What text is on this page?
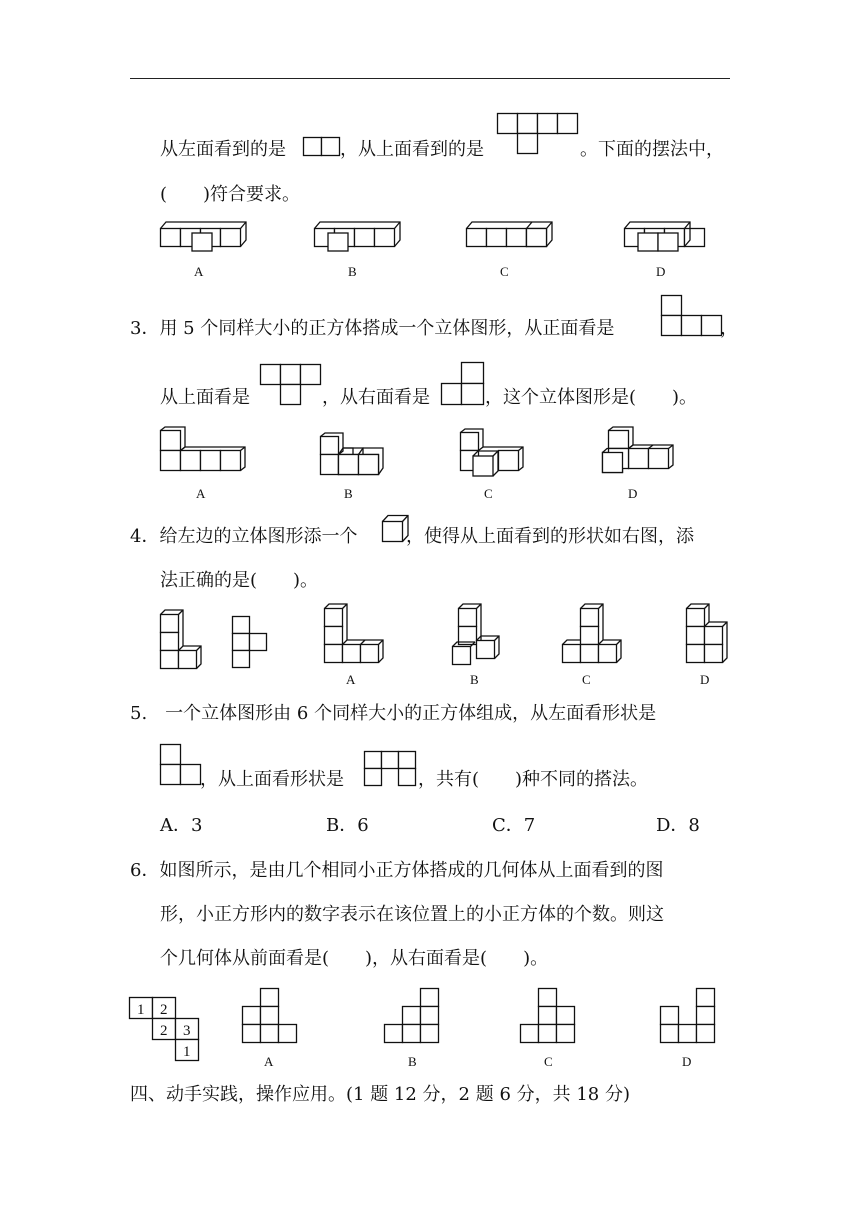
从左面看到的是	，从上面看到的是	。下面的摆法中，
(　　)符合要求。
A	B	C	D
3．用 5 个同样大小的正方体搭成一个立体图形，从正面看是	，
从上面看是	，从右面看是	，这个立体图形是(　　)。
A	B	C	D
4．给左边的立体图形添一个	，使得从上面看到的形状如右图，添
法正确的是(　　)。
A	B	C	D
5.　一个立体图形由 6 个同样大小的正方体组成，从左面看形状是
，从上面看形状是	，共有(　　)种不同的搭法。
A．3	B．6	C．7	D．8
6．如图所示，是由几个相同小正方体搭成的几何体从上面看到的图
形，小正方形内的数字表示在该位置上的小正方体的个数。则这
个几何体从前面看是(　　)，从右面看是(　　)。
1 2
2 3
1
A	B	C	D
四、动手实践，操作应用。(1 题 12 分，2 题 6 分，共 18 分)
